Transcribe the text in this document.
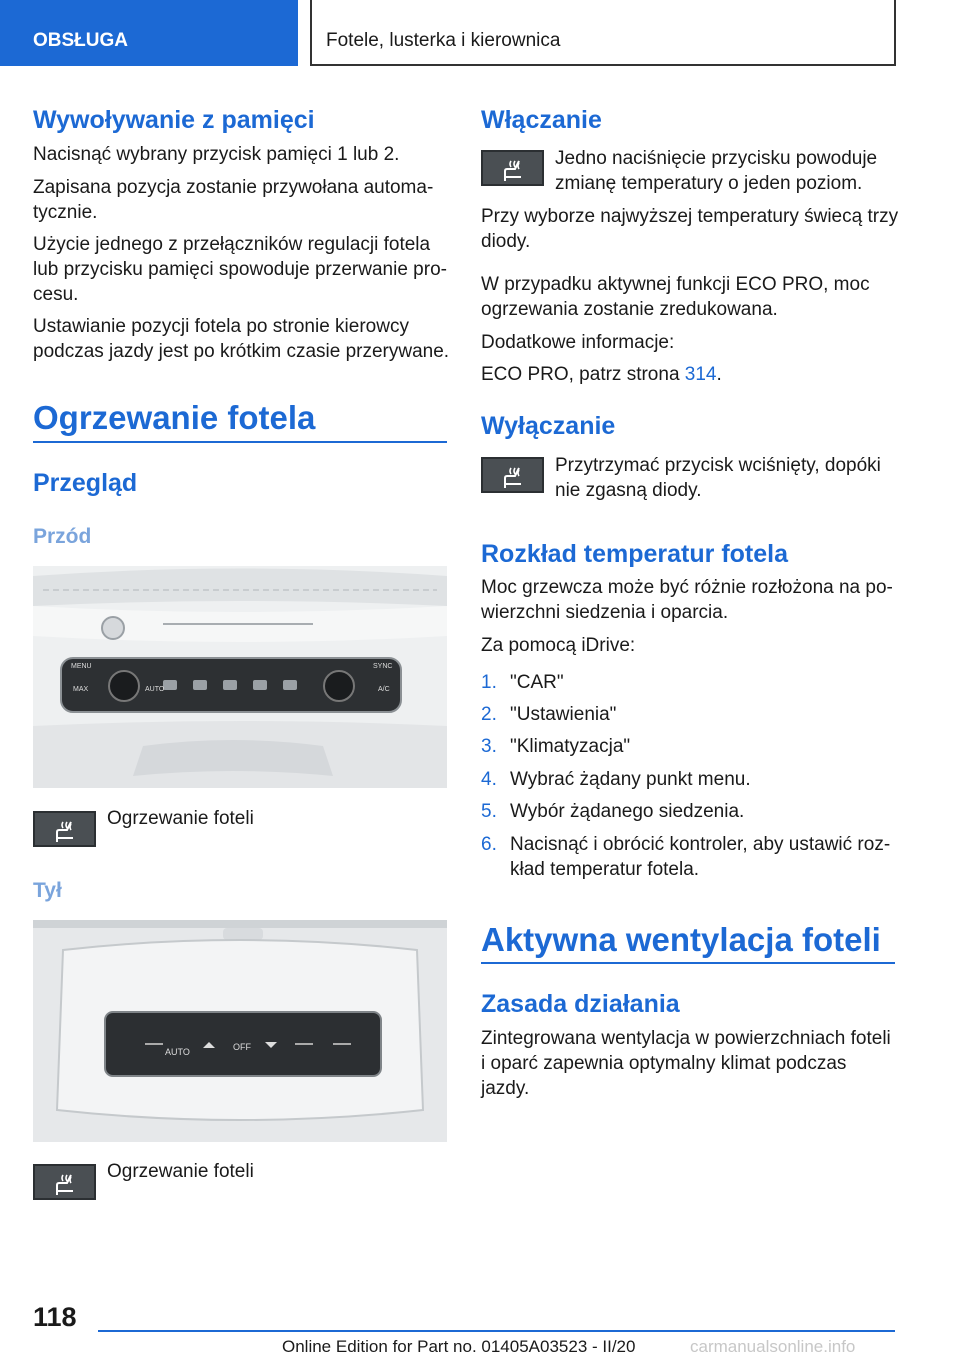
OBSŁUGA	Fotele, lusterka i kierownica
Wywoływanie z pamięci

Nacisnąć wybrany przycisk pamięci 1 lub 2.

Zapisana pozycja zostanie przywołana automa‐

tycznie.

Użycie jednego z przełączników regulacji fotela

lub przycisku pamięci spowoduje przerwanie pro‐

cesu.

Ustawianie pozycji fotela po stronie kierowcy

podczas jazdy jest po krótkim czasie przerywane.

Ogrzewanie fotela
Przegląd
Przód
MENU
MAX	A/C
SYNC
AUTO

Ogrzewanie foteli

Tył
AUTO	OFF

Ogrzewanie foteli

Włączanie

Jedno naciśnięcie przycisku powoduje

zmianę temperatury o jeden poziom.

Przy wyborze najwyższej temperatury świecą trzy

diody.

W przypadku aktywnej funkcji ECO PRO, moc

ogrzewania zostanie zredukowana.

Dodatkowe informacje:

ECO PRO, patrz strona 314.

Wyłączanie

Przytrzymać przycisk wciśnięty, dopóki

nie zgasną diody.

Rozkład temperatur fotela

Moc grzewcza może być różnie rozłożona na po‐

wierzchni siedzenia i oparcia.

Za pomocą iDrive:

1. "CAR"
2. "Ustawienia"
3. "Klimatyzacja"
4. Wybrać żądany punkt menu.
5. Wybór żądanego siedzenia.
6. Nacisnąć i obrócić kontroler, aby ustawić roz‐
kład temperatur fotela.
Aktywna wentylacja foteli
Zasada działania

Zintegrowana wentylacja w powierzchniach foteli

i oparć zapewnia optymalny klimat podczas

jazdy.

118
Online Edition for Part no. 01405A03523 - II/20	carmanualsonline.info
